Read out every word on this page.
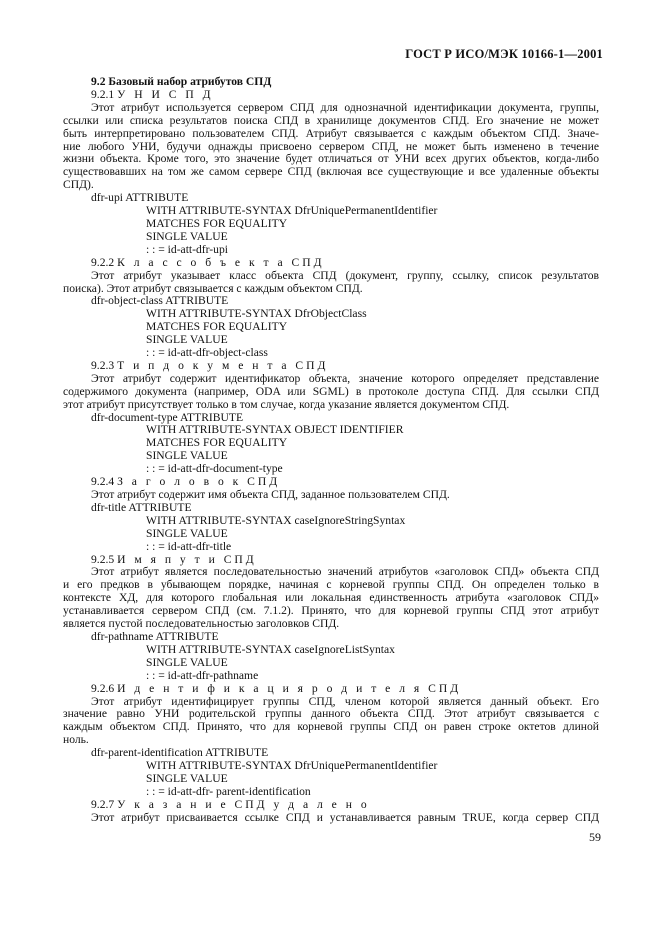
ГОСТ Р ИСО/МЭК 10166-1—2001
9.2 Базовый набор атрибутов СПД
9.2.1 У Н И С П Д
Этот атрибут используется сервером СПД для однозначной идентификации документа, группы,
ссылки или списка результатов поиска СПД в хранилище документов СПД. Его значение не может
быть интерпретировано пользователем СПД. Атрибут связывается с каждым объектом СПД. Значе-
ние любого УНИ, будучи однажды присвоено сервером СПД, не может быть изменено в течение
жизни объекта. Кроме того, это значение будет отличаться от УНИ всех других объектов, когда-либо
существовавших на том же самом сервере СПД (включая все существующие и все удаленные объекты
СПД).
dfr-upi ATTRIBUTE
WITH ATTRIBUTE-SYNTAX DfrUniquePermanentIdentifier
MATCHES FOR EQUALITY
SINGLE VALUE
: : = id-att-dfr-upi
9.2.2 К л а с с о б ъ е к т а СПД
Этот атрибут указывает класс объекта СПД (документ, группу, ссылку, список результатов
поиска). Этот атрибут связывается с каждым объектом СПД.
dfr-object-class ATTRIBUTE
WITH ATTRIBUTE-SYNTAX DfrObjectClass
MATCHES FOR EQUALITY
SINGLE VALUE
: : = id-att-dfr-object-class
9.2.3 Т и п д о к у м е н т а СПД
Этот атрибут содержит идентификатор объекта, значение которого определяет представление
содержимого документа (например, ODA или SGML) в протоколе доступа СПД. Для ссылки СПД
этот атрибут присутствует только в том случае, когда указание является документом СПД.
dfr-document-type ATTRIBUTE
WITH ATTRIBUTE-SYNTAX OBJECT IDENTIFIER
MATCHES FOR EQUALITY
SINGLE VALUE
: : = id-att-dfr-document-type
9.2.4 З а г о л о в о к СПД
Этот атрибут содержит имя объекта СПД, заданное пользователем СПД.
dfr-title ATTRIBUTE
WITH ATTRIBUTE-SYNTAX caseIgnoreStringSyntax
SINGLE VALUE
: : = id-att-dfr-title
9.2.5 И м я п у т и СПД
Этот атрибут является последовательностью значений атрибутов «заголовок СПД» объекта СПД
и его предков в убывающем порядке, начиная с корневой группы СПД. Он определен только в
контексте ХД, для которого глобальная или локальная единственность атрибута «заголовок СПД»
устанавливается сервером СПД (см. 7.1.2). Принято, что для корневой группы СПД этот атрибут
является пустой последовательностью заголовков СПД.
dfr-pathname ATTRIBUTE
WITH ATTRIBUTE-SYNTAX caseIgnoreListSyntax
SINGLE VALUE
: : = id-att-dfr-pathname
9.2.6 И д е н т и ф и к а ц и я р о д и т е л я СПД
Этот атрибут идентифицирует группы СПД, членом которой является данный объект. Его
значение равно УНИ родительской группы данного объекта СПД. Этот атрибут связывается с
каждым объектом СПД. Принято, что для корневой группы СПД он равен строке октетов длиной
ноль.
dfr-parent-identification ATTRIBUTE
WITH ATTRIBUTE-SYNTAX DfrUniquePermanentIdentifier
SINGLE VALUE
: : = id-att-dfr- parent-identification
9.2.7 У к а з а н и е СПД у д а л е н о
Этот атрибут присваивается ссылке СПД и устанавливается равным TRUE, когда сервер СПД
59
